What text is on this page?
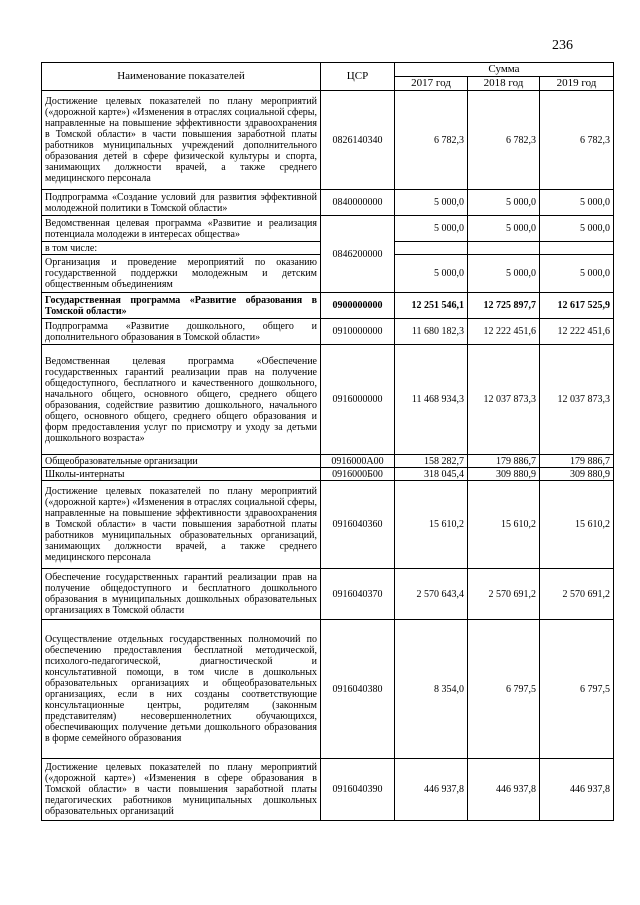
236
Наименование показателей	ЦСР	Сумма		
		2017 год	2018 год	2019 год
Достижение целевых показателей по плану мероприятий («дорожной карте») «Изменения в отраслях социальной сферы, направленные на повышение эффективности здравоохранения в Томской области» в части повышения заработной платы работников муниципальных учреждений дополнительного образования детей в сфере физической культуры и спорта, занимающих должности врачей, а также среднего медицинского персонала	0826140340	6 782,3	6 782,3	6 782,3
Подпрограмма «Создание условий для развития эффективной молодежной политики в Томской области»	0840000000	5 000,0	5 000,0	5 000,0
Ведомственная целевая программа «Развитие и реализация потенциала молодежи в интересах общества»	0846200000	5 000,0	5 000,0	5 000,0
в том числе:				
Организация и проведение мероприятий по оказанию государственной поддержки молодежным и детским общественным объединениям		5 000,0	5 000,0	5 000,0
Государственная программа «Развитие образования в Томской области»	0900000000	12 251 546,1	12 725 897,7	12 617 525,9
Подпрограмма «Развитие дошкольного, общего и дополнительного образования в Томской области»	0910000000	11 680 182,3	12 222 451,6	12 222 451,6
Ведомственная целевая программа «Обеспечение государственных гарантий реализации прав на получение общедоступного, бесплатного и качественного дошкольного, начального общего, основного общего, среднего общего образования, содействие развитию дошкольного, начального общего, основного общего, среднего общего образования и форм предоставления услуг по присмотру и уходу за детьми дошкольного возраста»	0916000000	11 468 934,3	12 037 873,3	12 037 873,3
Общеобразовательные организации	0916000А00	158 282,7	179 886,7	179 886,7
Школы-интернаты	0916000Б00	318 045,4	309 880,9	309 880,9
Достижение целевых показателей по плану мероприятий («дорожной карте») «Изменения в отраслях социальной сферы, направленные на повышение эффективности здравоохранения в Томской области» в части повышения заработной платы работников муниципальных образовательных организаций, занимающих должности врачей, а также среднего медицинского персонала	0916040360	15 610,2	15 610,2	15 610,2
Обеспечение государственных гарантий реализации прав на получение общедоступного и бесплатного дошкольного образования в муниципальных дошкольных образовательных организациях в Томской области	0916040370	2 570 643,4	2 570 691,2	2 570 691,2
Осуществление отдельных государственных полномочий по обеспечению предоставления бесплатной методической, психолого-педагогической, диагностической и консультативной помощи, в том числе в дошкольных образовательных организациях и общеобразовательных организациях, если в них созданы соответствующие консультационные центры, родителям (законным представителям) несовершеннолетних обучающихся, обеспечивающих получение детьми дошкольного образования в форме семейного образования	0916040380	8 354,0	6 797,5	6 797,5
Достижение целевых показателей по плану мероприятий («дорожной карте») «Изменения в сфере образования в Томской области» в части повышения заработной платы педагогических работников муниципальных дошкольных образовательных организаций	0916040390	446 937,8	446 937,8	446 937,8
